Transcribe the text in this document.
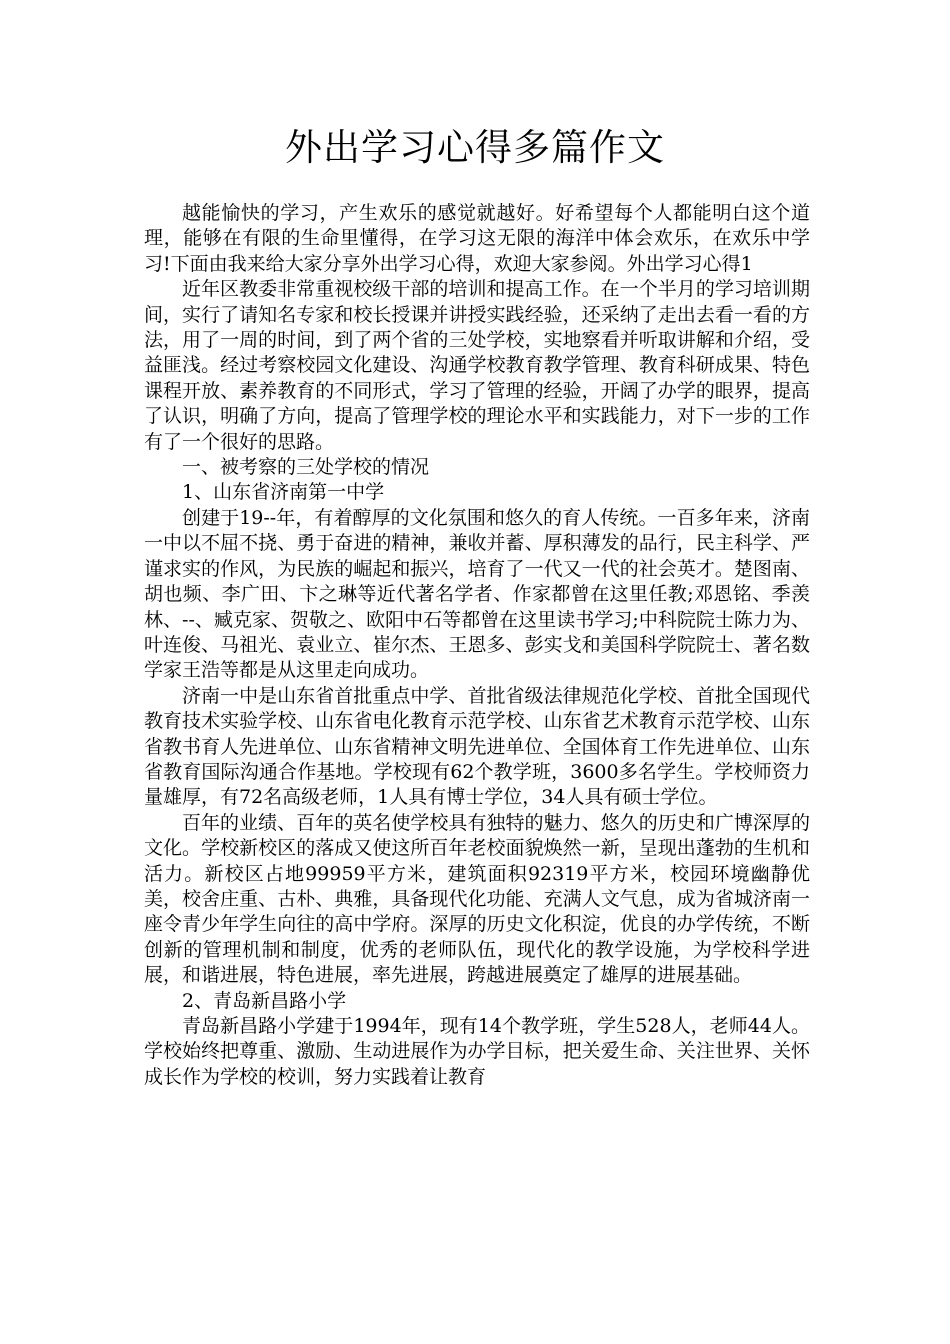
外出学习心得多篇作文

越能愉快的学习，产生欢乐的感觉就越好。好希望每个人都能明白这个道理，能够在有限的生命里懂得，在学习这无限的海洋中体会欢乐，在欢乐中学习!下面由我来给大家分享外出学习心得，欢迎大家参阅。外出学习心得1

近年区教委非常重视校级干部的培训和提高工作。在一个半月的学习培训期间，实行了请知名专家和校长授课并讲授实践经验，还采纳了走出去看一看的方法，用了一周的时间，到了两个省的三处学校，实地察看并听取讲解和介绍，受益匪浅。经过考察校园文化建设、沟通学校教育教学管理、教育科研成果、特色课程开放、素养教育的不同形式，学习了管理的经验，开阔了办学的眼界，提高了认识，明确了方向，提高了管理学校的理论水平和实践能力，对下一步的工作有了一个很好的思路。

一、被考察的三处学校的情况

1、山东省济南第一中学

创建于19--年，有着醇厚的文化氛围和悠久的育人传统。一百多年来，济南一中以不屈不挠、勇于奋进的精神，兼收并蓄、厚积薄发的品行，民主科学、严谨求实的作风，为民族的崛起和振兴，培育了一代又一代的社会英才。楚图南、胡也频、李广田、卞之琳等近代著名学者、作家都曾在这里任教;邓恩铭、季羡林、--、臧克家、贺敬之、欧阳中石等都曾在这里读书学习;中科院院士陈力为、叶连俊、马祖光、袁业立、崔尔杰、王恩多、彭实戈和美国科学院院士、著名数学家王浩等都是从这里走向成功。

济南一中是山东省首批重点中学、首批省级法律规范化学校、首批全国现代教育技术实验学校、山东省电化教育示范学校、山东省艺术教育示范学校、山东省教书育人先进单位、山东省精神文明先进单位、全国体育工作先进单位、山东省教育国际沟通合作基地。学校现有62个教学班，3600多名学生。学校师资力量雄厚，有72名高级老师，1人具有博士学位，34人具有硕士学位。

百年的业绩、百年的英名使学校具有独特的魅力、悠久的历史和广博深厚的文化。学校新校区的落成又使这所百年老校面貌焕然一新，呈现出蓬勃的生机和活力。新校区占地99959平方米，建筑面积92319平方米，校园环境幽静优美，校舍庄重、古朴、典雅，具备现代化功能、充满人文气息，成为省城济南一座令青少年学生向往的高中学府。深厚的历史文化积淀，优良的办学传统，不断创新的管理机制和制度，优秀的老师队伍，现代化的教学设施，为学校科学进展，和谐进展，特色进展，率先进展，跨越进展奠定了雄厚的进展基础。

2、青岛新昌路小学

青岛新昌路小学建于1994年，现有14个教学班，学生528人，老师44人。学校始终把尊重、激励、生动进展作为办学目标，把关爱生命、关注世界、关怀成长作为学校的校训，努力实践着让教育
